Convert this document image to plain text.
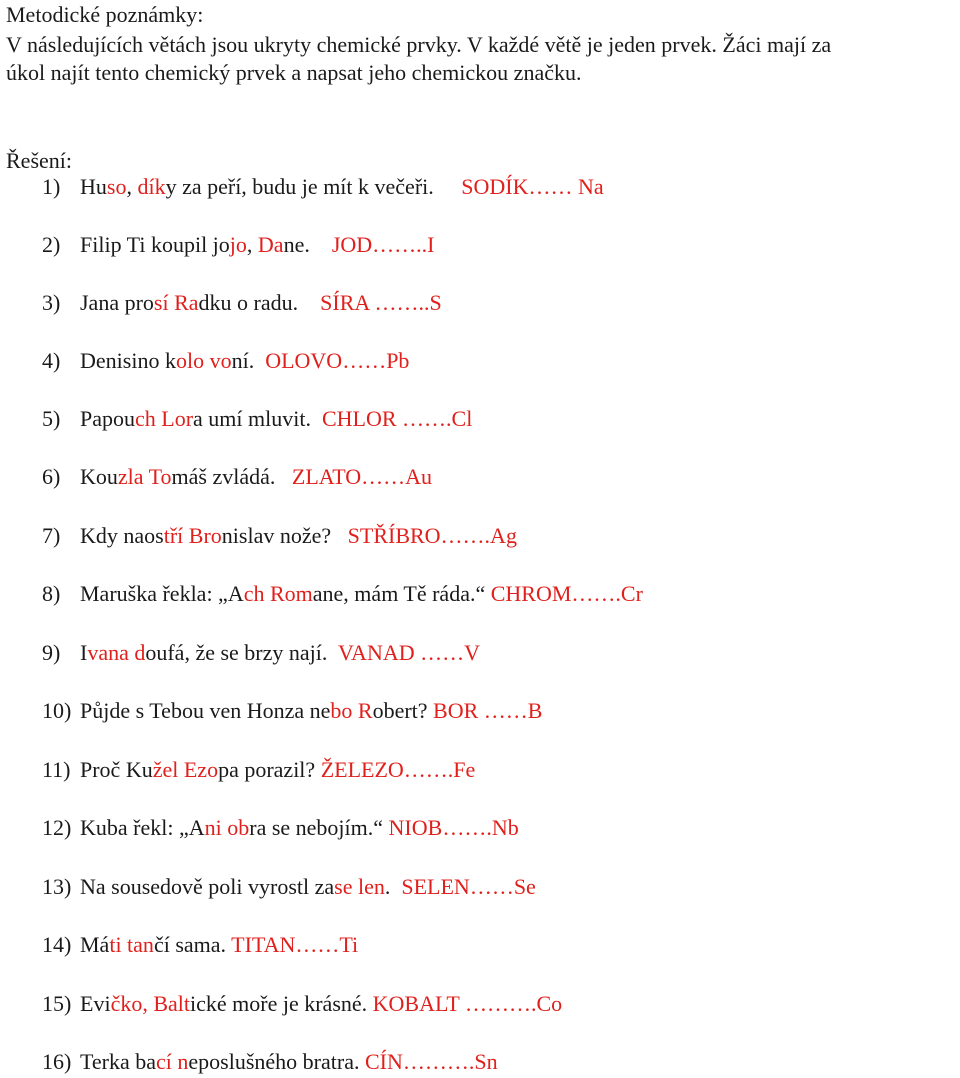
Metodické poznámky:
V následujících větách jsou ukryty chemické prvky. V každé větě je jeden prvek. Žáci mají za
úkol najít tento chemický prvek a napsat jeho chemickou značku.
Řešení:
1) Huso, díky za peří, budu je mít k večeři.     SODÍK…… Na
2) Filip Ti koupil jojo, Dane.    JOD……..I
3) Jana prosí Radku o radu.    SÍRA ……..S
4) Denisino kolo voní.  OLOVO……Pb
5) Papouch Lora umí mluvit.  CHLOR …….Cl
6) Kouzla Tomáš zvládá.   ZLATO……Au
7) Kdy naostří Bronislav nože?   STŘÍBRO…….Ag
8) Maruška řekla: „Ach Romane, mám Tě ráda.“ CHROM…….Cr
9) Ivana doufá, že se brzy nají.  VANAD ……V
10) Půjde s Tebou ven Honza nebo Robert? BOR ……B
11) Proč Kužel Ezopa porazil? ŽELEZO…….Fe
12) Kuba řekl: „Ani obra se nebojím.“ NIOB…….Nb
13) Na sousedově poli vyrostl zase len.  SELEN……Se
14) Máti tančí sama. TITAN……Ti
15) Evičko, Baltické moře je krásné. KOBALT ……….Co
16) Terka bací neposlušného bratra. CÍN……….Sn
